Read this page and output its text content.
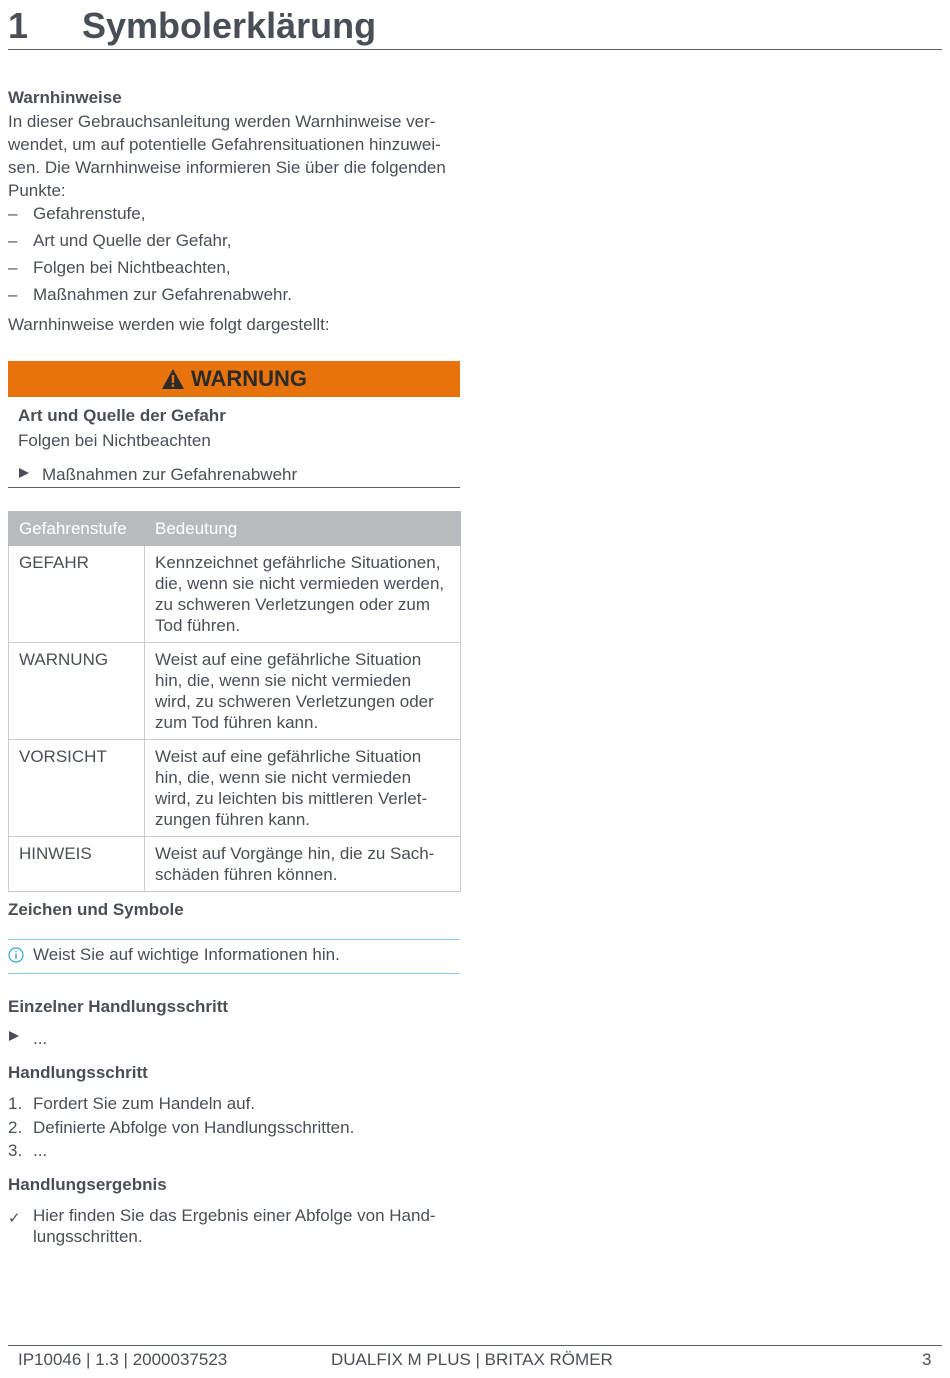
1 Symbolerklärung
Warnhinweise
In dieser Gebrauchsanleitung werden Warnhinweise ver-
wendet, um auf potentielle Gefahrensituationen hinzuwei-
sen. Die Warnhinweise informieren Sie über die folgenden
Punkte:
– Gefahrenstufe,
– Art und Quelle der Gefahr,
– Folgen bei Nichtbeachten,
– Maßnahmen zur Gefahrenabwehr.
Warnhinweise werden wie folgt dargestellt:
WARNUNG
Art und Quelle der Gefahr
Folgen bei Nichtbeachten
Maßnahmen zur Gefahrenabwehr
Gefahrenstufe	Bedeutung
GEFAHR	Kennzeichnet gefährliche Situationen,
die, wenn sie nicht vermieden werden,
zu schweren Verletzungen oder zum
Tod führen.

WARNUNG	Weist auf eine gefährliche Situation
hin, die, wenn sie nicht vermieden
wird, zu schweren Verletzungen oder
zum Tod führen kann.

VORSICHT	Weist auf eine gefährliche Situation
hin, die, wenn sie nicht vermieden
wird, zu leichten bis mittleren Verlet-
zungen führen kann.

HINWEIS	Weist auf Vorgänge hin, die zu Sach-
schäden führen können.
Zeichen und Symbole
Weist Sie auf wichtige Informationen hin.
Einzelner Handlungsschritt
...
Handlungsschritt
1. Fordert Sie zum Handeln auf.
2. Definierte Abfolge von Handlungsschritten.
3. ...
Handlungsergebnis
✓ Hier finden Sie das Ergebnis einer Abfolge von Hand-
lungsschritten.
IP10046 | 1.3 | 2000037523	DUALFIX M PLUS | BRITAX RÖMER	3
